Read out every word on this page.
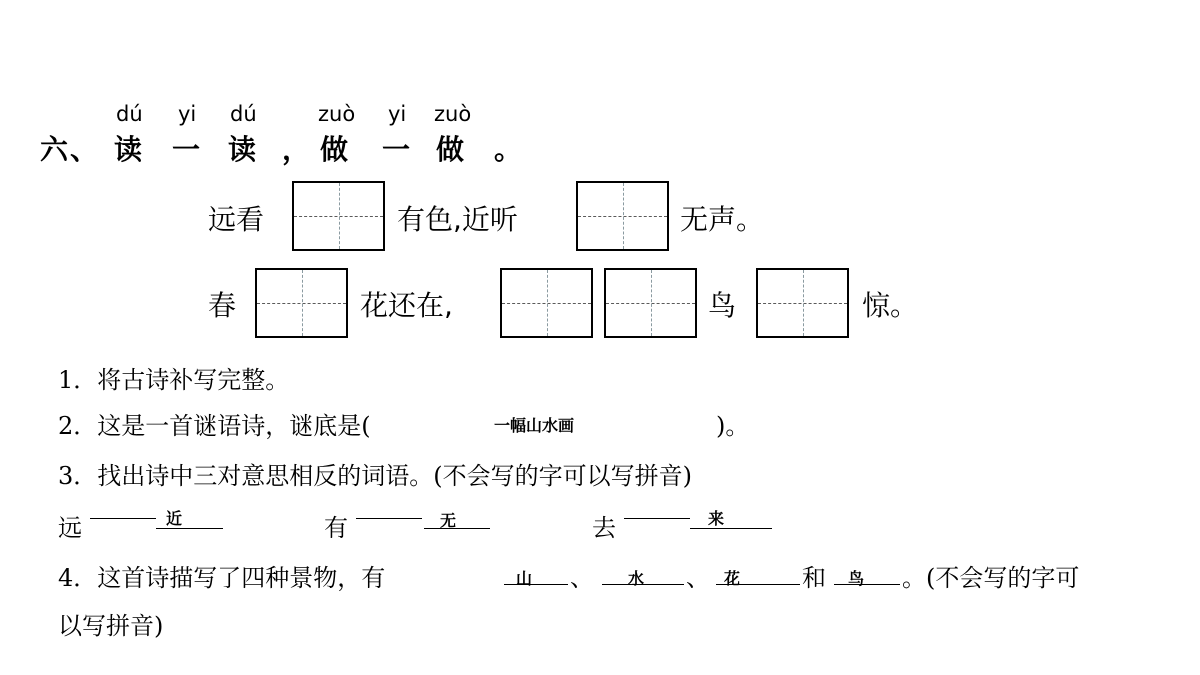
dú yi dú	zuò yi zuò
六、 读 一 读 ， 做 一 做 。
远看	有色,近听	无声。
春	花还在,	鸟	惊。
1．将古诗补写完整。
2．这是一首谜语诗，谜底是(	一幅山水画	)。
3．找出诗中三对意思相反的词语。(不会写的字可以写拼音)
远	近	有	无	去	来
4．这首诗描写了四种景物，有	山 、 水 、 花	和 鸟 。(不会写的字可
以写拼音)
